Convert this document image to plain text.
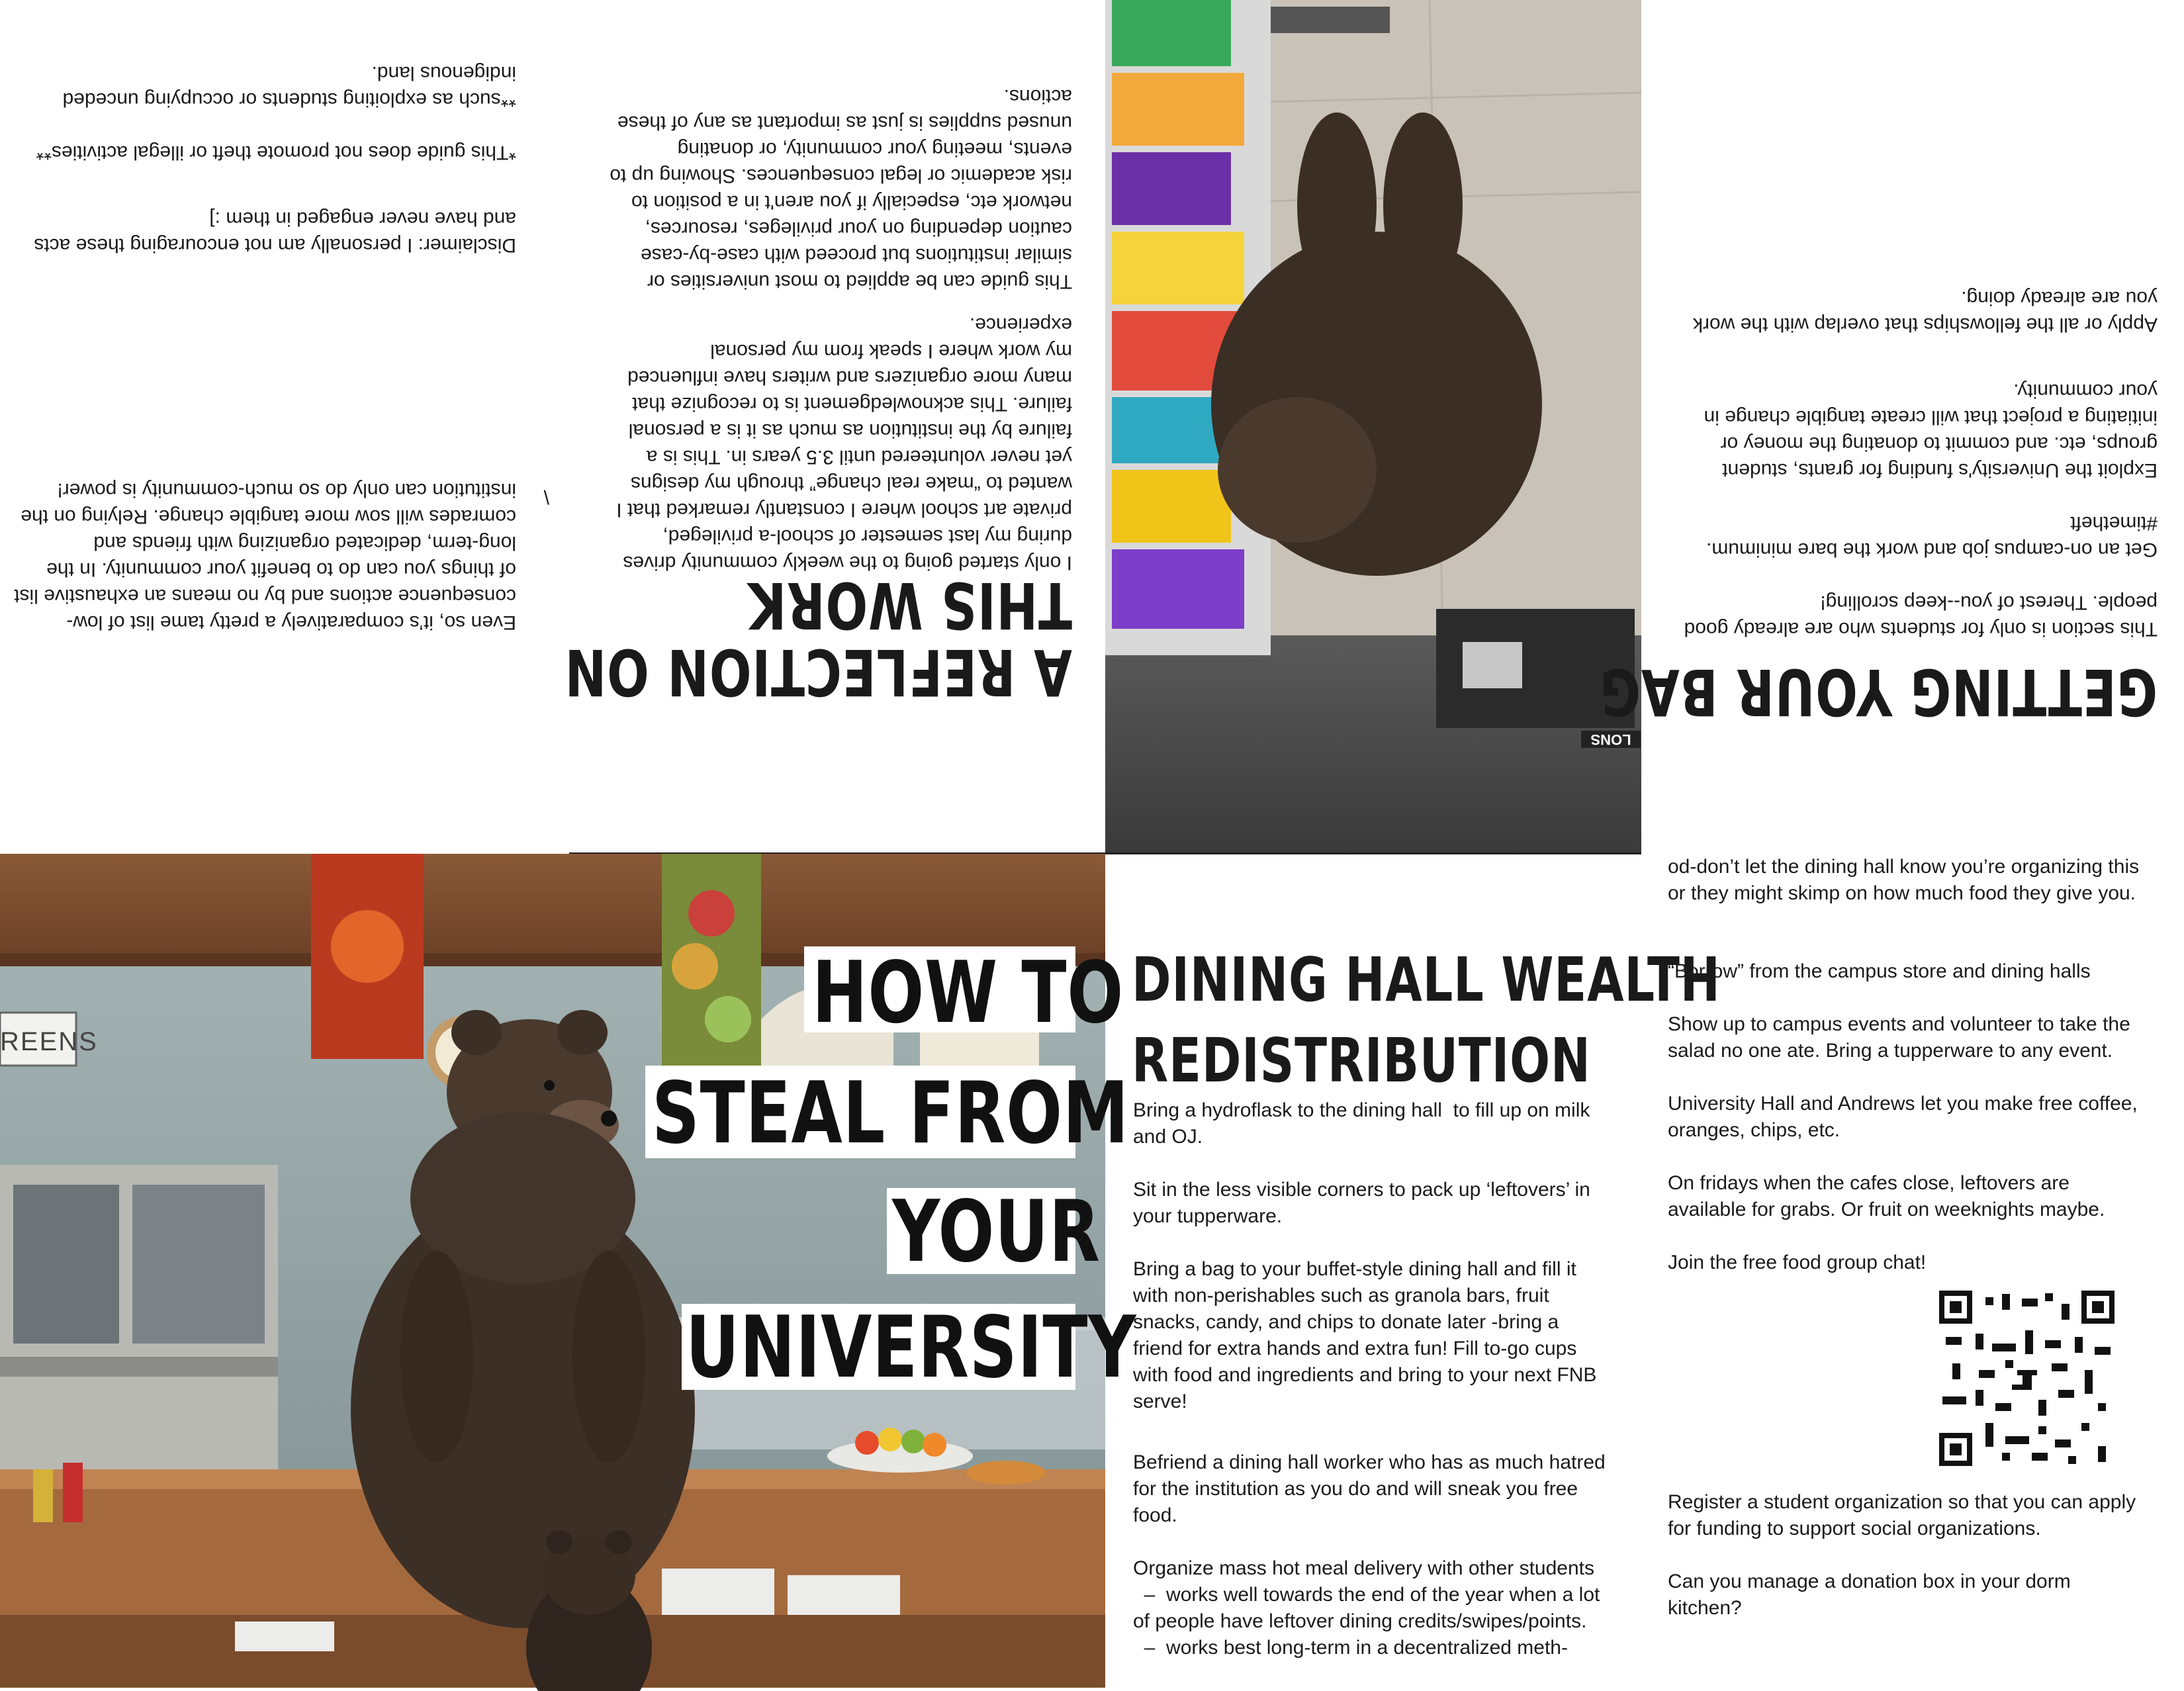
Even so, it’s comparatively a pretty tame list of low-consequence actions and by no means an exhaustive list of things you can do to benefit your community. In the long-term, dedicated organizing with friends and comrades will sow more tangible change. Relying on the institution can only do so much-community is power!	\
Disclaimer: I personally am not encouraging these acts and have never engaged in them :]
*This guide does not promote theft or illegal activities**
**such as exploiting students or occupying unceded indigenous land.
A REFLECTION ON
THIS WORK
I only started going to the weekly community drives during my last semester of school-a privileged, private art school where I constantly remarked that I wanted to “make real change” through my designs yet never volunteered until 3.5 years in. This is a failure by the institution as much as it is a personal failure. This acknowledgement is to recognize that many more organizers and writers have influenced my work where I speak from my personal experience.
This guide can be applied to most universities or similar institutions but proceed with case-by-case caution depending on your privileges, resources, network etc, especially if you aren't in a position to risk academic or legal consequences. Showing up to events, meeting your community, or donating unused supplies is just as important as any of these actions.
LONS
GETTING YOUR BAG
This section is only for students who are already good people. Therest of you--keep scrolling!
Get an on-campus job and work the bare minimum. #timetheft
Exploit the University's funding for grants, student groups, etc. and commit to donating the money or initiating a project that will create tangible change in your community.
Apply or all the fellowships that overlap with the work you are already doing.
REENS	HOW TO
STEAL FROM
YOUR
UNIVERSITY
DINING HALL WEALTH
REDISTRIBUTION
Bring a hydroflask to the dining hall  to fill up on milk and OJ.
Sit in the less visible corners to pack up ‘leftovers’ in your tupperware.
Bring a bag to your buffet-style dining hall and fill it with non-perishables such as granola bars, fruit snacks, candy, and chips to donate later -bring a friend for extra hands and extra fun! Fill to-go cups with food and ingredients and bring to your next FNB serve!
Befriend a dining hall worker who has as much hatred for the institution as you do and will sneak you free food.
Organize mass hot meal delivery with other students
–  works well towards the end of the year when a lot of people have leftover dining credits/swipes/points.
–  works best long-term in a decentralized meth-
od-don’t let the dining hall know you’re organizing this or they might skimp on how much food they give you.
“Borrow” from the campus store and dining halls
Show up to campus events and volunteer to take the salad no one ate. Bring a tupperware to any event.
University Hall and Andrews let you make free coffee, oranges, chips, etc.
On fridays when the cafes close, leftovers are available for grabs. Or fruit on weeknights maybe.
Join the free food group chat!
Register a student organization so that you can apply for funding to support social organizations.
Can you manage a donation box in your dorm kitchen?
